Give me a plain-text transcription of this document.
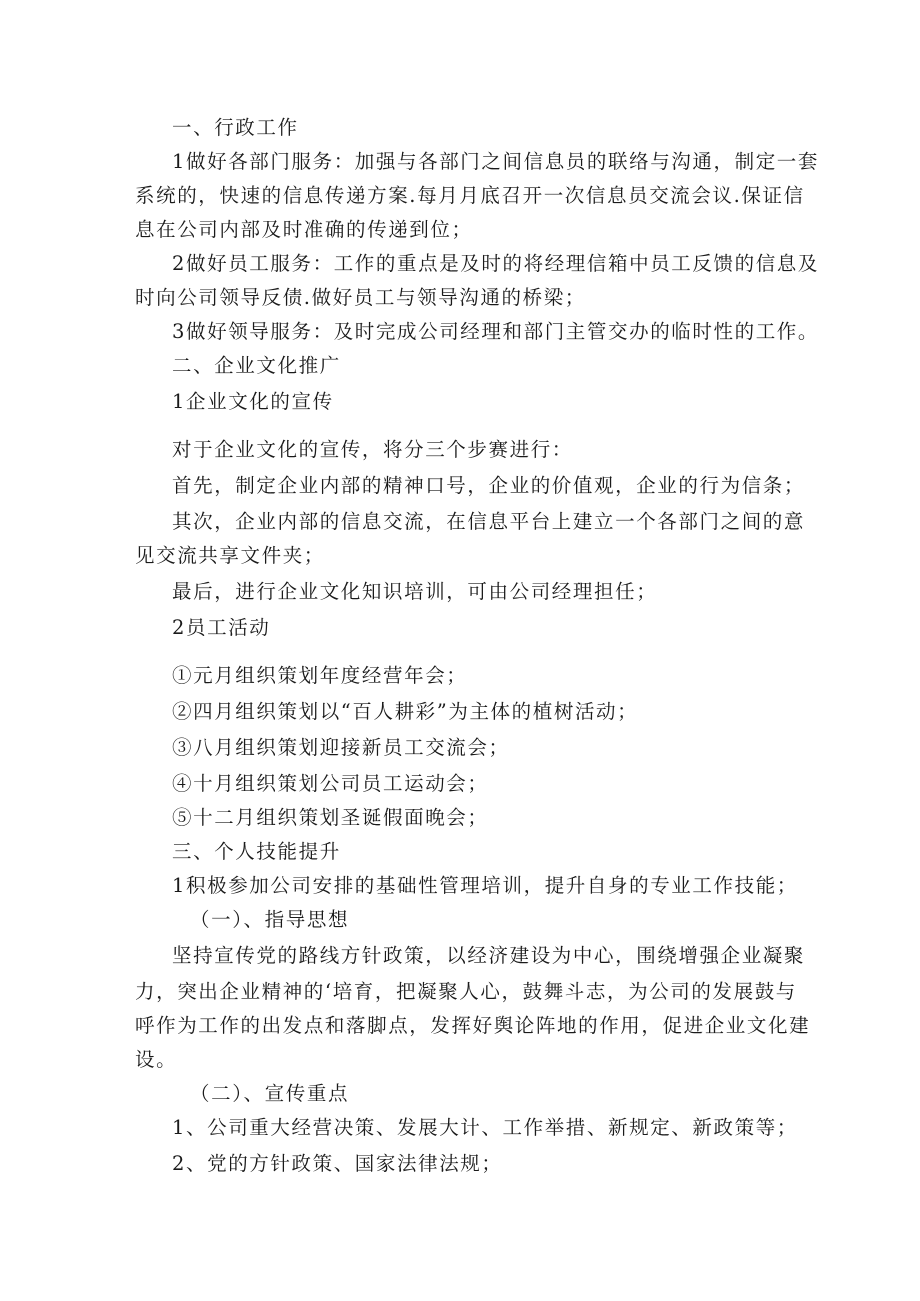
一、行政工作
1做好各部门服务：加强与各部门之间信息员的联络与沟通，制定一套
系统的，快速的信息传递方案.每月月底召开一次信息员交流会议.保证信
息在公司内部及时准确的传递到位；
2做好员工服务：工作的重点是及时的将经理信箱中员工反馈的信息及
时向公司领导反债.做好员工与领导沟通的桥梁；
3做好领导服务：及时完成公司经理和部门主管交办的临时性的工作。
二、企业文化推广
1企业文化的宣传
对于企业文化的宣传，将分三个步赛进行：
首先，制定企业内部的精神口号，企业的价值观，企业的行为信条；
其次，企业内部的信息交流，在信息平台上建立一个各部门之间的意
见交流共享文件夹；
最后，进行企业文化知识培训，可由公司经理担任；
2员工活动
①元月组织策划年度经营年会；
②四月组织策划以“百人耕彩”为主体的植树活动；
③八月组织策划迎接新员工交流会；
④十月组织策划公司员工运动会；
⑤十二月组织策划圣诞假面晚会；
三、个人技能提升
1积极参加公司安排的基础性管理培训，提升自身的专业工作技能；
（一）、指导思想
坚持宣传党的路线方针政策，以经济建设为中心，围绕增强企业凝聚
力，突出企业精神的‘培育，把凝聚人心，鼓舞斗志，为公司的发展鼓与
呼作为工作的出发点和落脚点，发挥好舆论阵地的作用，促进企业文化建
设。
（二）、宣传重点
1、公司重大经营决策、发展大计、工作举措、新规定、新政策等；
2、党的方针政策、国家法律法规；
